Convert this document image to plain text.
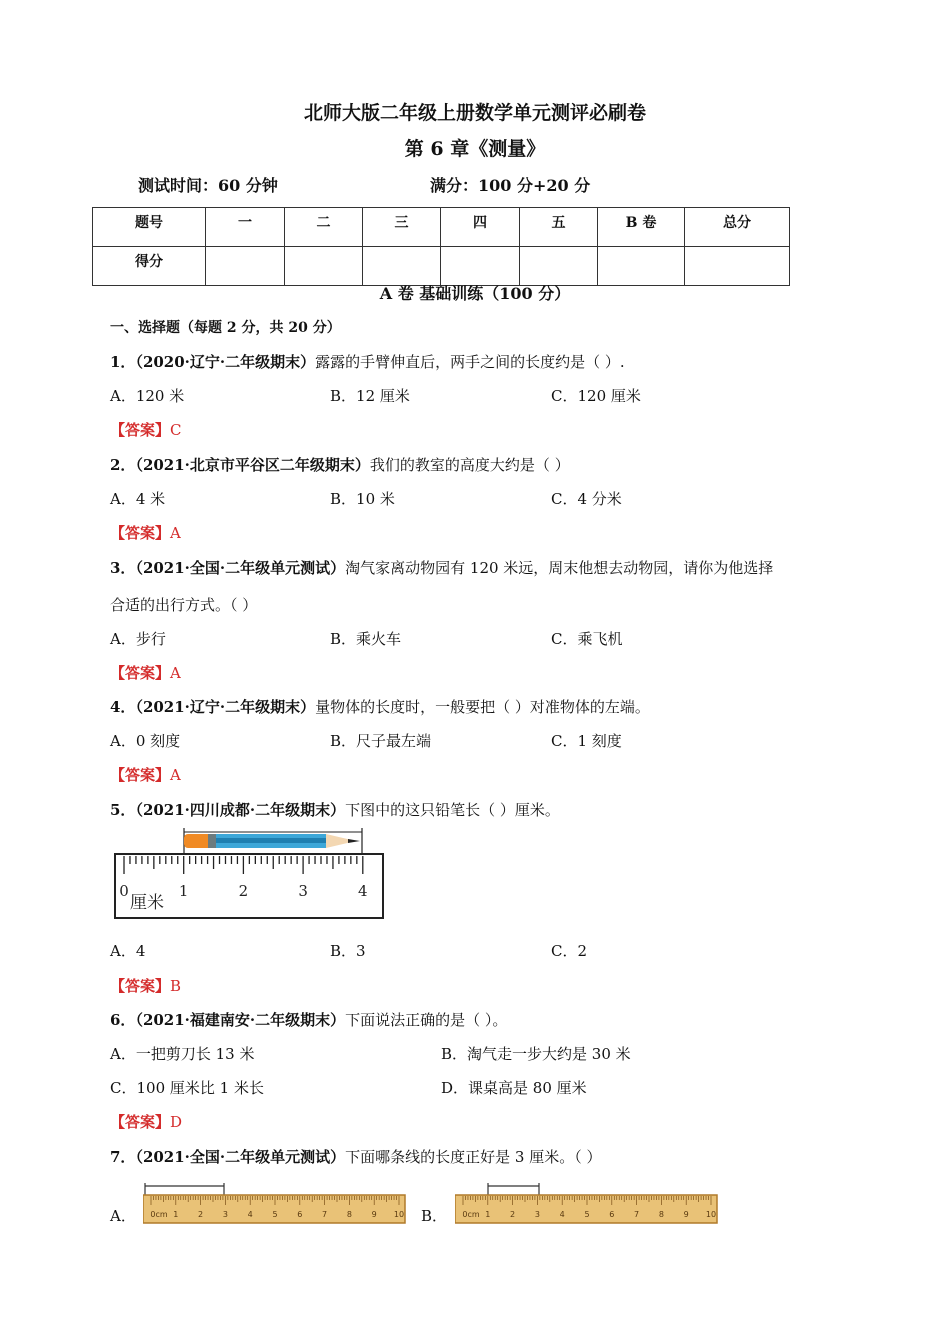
北师大版二年级上册数学单元测评必刷卷
第 6 章《测量》
测试时间：60 分钟	满分：100 分+20 分
题号	一	二	三	四	五	B 卷	总分
得分							
A 卷 基础训练（100 分）
一、选择题（每题 2 分，共 20 分）
1．（2020·辽宁·二年级期末）露露的手臂伸直后，两手之间的长度约是（ ）.
A．120 米	B．12 厘米	C．120 厘米
【答案】C
2．（2021·北京市平谷区二年级期末）我们的教室的高度大约是（ ）
A．4 米	B．10 米	C．4 分米
【答案】A
3．（2021·全国·二年级单元测试）淘气家离动物园有 120 米远，周末他想去动物园，请你为他选择
合适的出行方式。（ ）
A．步行	B．乘火车	C．乘飞机
【答案】A
4．（2021·辽宁·二年级期末）量物体的长度时，一般要把（ ）对准物体的左端。
A．0 刻度	B．尺子最左端	C．1 刻度
【答案】A
5．（2021·四川成都·二年级期末）下图中的这只铅笔长（ ）厘米。
0	1	2	3	4
厘米
A．4	B．3	C．2
【答案】B
6．（2021·福建南安·二年级期末）下面说法正确的是（ ）。
A．一把剪刀长 13 米	B．淘气走一步大约是 30 米
C．100 厘米比 1 米长	D．课桌高是 80 厘米
【答案】D
7．（2021·全国·二年级单元测试）下面哪条线的长度正好是 3 厘米。（ ）
A． 0cm 1 2 3 4 5 6 7 8 9 10 B． 0cm 1 2 3 4 5 6 7 8 9 10
